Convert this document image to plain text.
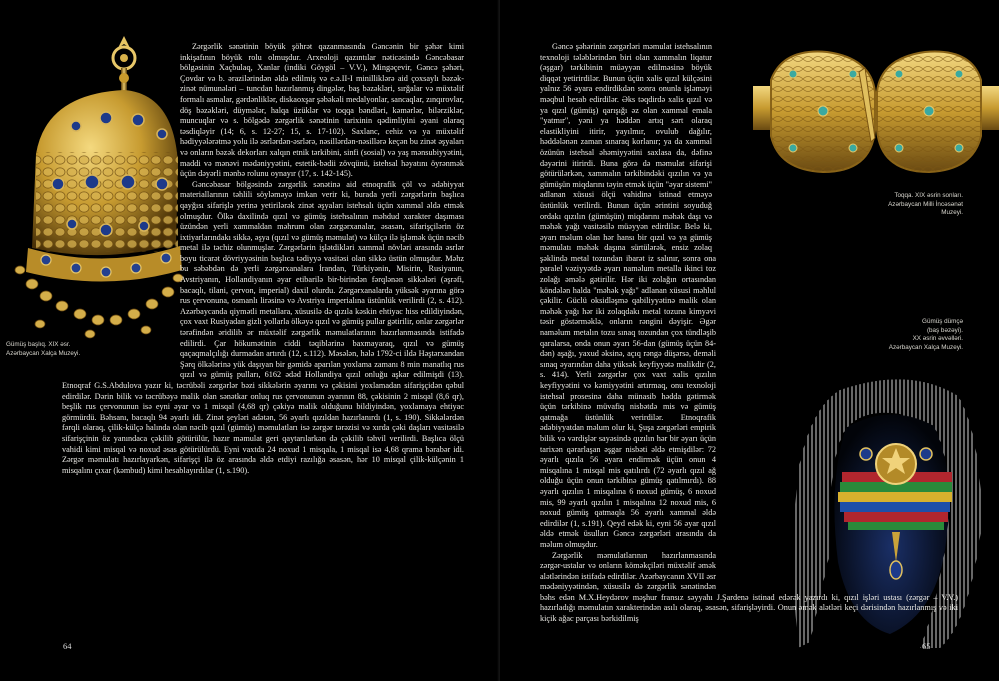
Gümüş başlıq. XIX əsr.
Azərbaycan Xalça Muzeyi.

Zərgərlik sənətinin böyük şöhrət qazanmasında Gəncənin bir şəhər kimi inkişafının böyük rolu olmuşdur. Arxeoloji qazıntılar nəticəsində Gəncəbasar bölgəsinin Xaçbulaq, Xanlar (indiki Göygöl – V.V.), Mingəçevir, Gəncə şəhəri, Çovdar və b. ərazilərindən əldə edilmiş və e.ə.II-I minilliklərə aid çoxsaylı bəzək-zinət nümunələri – tuncdan hazırlanmış dingələr, baş bəzəkləri, sırğalar və müxtəlif formalı asmalar, gərdənliklər, diskaoxşar şəbəkəli medalyonlar, sancaqlar, zınqırovlar, döş bəzəkləri, düymələr, halqa üzüklər və toqqa bəndləri, kəmərlər, bilərziklər, muncuqlar və s. bölgədə zərgərlik sənətinin tarixinin qədimliyini əyani olaraq təsdiqləyir (14; 6, s. 12-27; 15, s. 17-102). Saxlanc, cehiz və ya müxtəlif hədiyyələrətmə yolu ilə əsrlərdən-əsrlərə, nəsillərdən-nəsillərə keçən bu zinət əşyaları və onların bəzək dekorları xalqın etnik tərkibini, sinfi (sosial) və yaş mənsubiyyətini, maddi və mənəvi mədəniyyətini, estetik-bədii zövqünü, istehsal həyatını öyrənmək üçün dəyərli mənbə rolunu oynayır (17, s. 142-145).

Gəncəbasar bölgəsində zərgərlik sənətinə aid etnoqrafik çöl və ədəbiyyat materiallarının təhlili söyləməyə imkan verir ki, burada yerli zərgərlərin başlıca qayğısı sifarişlə yerinə yetirilərək zinət əşyaları istehsalı üçün xammal əldə etmək olmuşdur. Ölkə daxilində qızıl və gümüş istehsalının məhdud xarakter daşıması üzündən yerli xammaldan məhrum olan zərgərxanalar, əsasən, sifarişçilərin öz ixtiyarlarındakı sikkə, əşya (qızıl və gümüş məmulat) və külçə ilə işləmək üçün nəcib metal ilə təchiz olunmuşlar. Zərgərlərin işlətdikləri xammal növləri arasında əsrlər boyu ticarət dövriyyəsinin başlıca tədiyyə vasitəsi olan sikkə üstün olmuşdur. Məhz bu səbəbdən də yerli zərgərxanalara İrandan, Türkiyənin, Misirin, Rusiyanın, Avstriyanın, Hollandiyanın əyar etibarilə bir-birindən fərqlənən sikkələri (əşrəfi, bacaqlı, tilani, çervon, imperial) daxil olurdu. Zərgərxanalarda yüksək əyarına görə rus çervonuna, osmanlı lirəsinə və Avstriya imperialına üstünlük verilirdi (2, s. 412). Azərbaycanda qiymətli metallara, xüsusilə də qızıla kəskin ehtiyac hiss edildiyindən, çox vaxt Rusiyadan gizli yollarla ölkəyə qızıl və gümüş pullar gətirilir, onlar zərgərlər tərəfindən əridilib ər müxtəlif zərgərlik məmulatlarının hazırlanmasında istifadə edilirdi. Çar hökumətinin ciddi təqiblərinə baxmayaraq, qızıl və gümüş qaçaqmalçılığı durmadan artırdı (12, s.112). Məsələn, hələ 1792-ci ildə Həştərxandan Şərq ölkələrinə yük daşıyan bir gəmidə aparılan yoxlama zamanı 8 min manatlıq rus qızıl və gümüş pulları, 6162 ədəd Hollandiya qızıl onluğu aşkar edilmişdi (13). Etnoqraf G.S.Abdulova yazır ki, təcrübəli zərgərlər bəzi sikkələrin əyarını və çəkisini yoxlamadan sifarişçidən qəbul edirdilər. Dərin bilik və təcrübəyə malik olan sənətkar onluq rus çervonunun əyarının 88, çəkisinin 2 misqal (8,6 qr), beşlik rus çervonunun isə eyni əyar və 1 misqal (4,68 qr) çəkiyə malik olduğunu bildiyindən, yoxlamaya ehtiyac görmürdü. Bəhsanı, bacaqlı 94 əyarlı idi. Zinət şeyləri adətən, 56 əyarlı qızıldan hazırlanırdı (1, s. 190). Sikkələrdən fərqli olaraq, çilik-külçə halında olan nəcib qızıl (gümüş) məmulatları isə zərgər tərəzisi və xırda çəki daşları vasitəsilə sifarişçinin öz yanındaca çəkilib götürülür, hazır məmulat geri qaytarılarkən də çəkilib təhvil verilirdi. Başlıca ölçü vahidi kimi misqal və noxud əsas götürülürdü. Eyni vaxtda 24 noxud 1 misqala, 1 misqal isə 4,68 qrama bərabər idi. Zərgər məmulatı hazırlayarkən, sifarişçi ilə öz arasında əldə etdiyi razılığa əsasən, hər 10 misqal çilik-külçənin 1 misqalını çıxar (kəmbud) kimi hesablayırdılar (1, s.190).

64
Toqqa. XIX əsrin sonları.
Azərbaycan Milli İncəsənət
Muzeyi.
Gümüş dümçə
(baş bəzəyi).
XX əsrin əvvəlləri.
Azərbaycan Xalça Muzeyi.

Gəncə şəhərinin zərgərləri məmulat istehsalının texnoloji tələblərindən biri olan xammalın liqatur (əşgar) tərkibinin müəyyən edilməsinə böyük diqqət yetirirdilər. Bunun üçün xalis qızıl külçəsini yalnız 56 əyara endirdikdən sonra onunla işləməyi məqbul hesab edirdilər. Əks təqdirdə xalis qızıl və ya qızıl (gümüş) qarışığı əz olan xammal emala "yatmır", yəni ya həddən artıq sərt olaraq elastikliyini itirir, yayılmır, ovulub dağılır, həddələnən zaman sınaraq korlanır; ya da xammal özünün istehsal əhəmiyyətini saxlasa da, dəfinə dəyərini itirirdi. Buna görə də məmulat sifarişi götürülərkən, xammalın tərkibindəki qızılın və ya gümüşün miqdarını təyin etmək üçün "əyar sistemi" adlanan xüsusi ölçü vahidinə istinad etməyə üstünlük verilirdi. Bunun üçün ərintini soyuduğ ordakı qızılın (gümüşün) miqdarını məhək daşı və məhək yağı vasitəsilə müəyyən edirdilər. Belə ki, əyarı məlum olan hər hansı bir qızıl və ya gümüş məmulatı məhək daşına sürtülərək, ensiz zolaq şəklində metal tozundan ibarət iz salınır, sonra ona paralel vəziyyətdə əyarı naməlum metalla ikinci toz zolağı əmələ gətirilir. Hər iki zolağın ortasından köndələn halda "məhək yağı" adlanan xüsusi məhlul çəkilir. Güclü oksidləşmə qabiliyyətinə malik olan məhək yağı hər iki zolaqdakı metal tozuna kimyəvi təsir göstərməklə, onların rəngini dəyişir. Əgər naməlum metalın tozu sınaq tozundan çox tündləşib qaralarsa, onda onun əyarı 56-dan (gümüş üçün 84-dən) aşağı, yaxud əksinə, açıq rəngə düşərsə, deməli sınaq əyarından daha yüksək keyfiyyətə malikdir (2, s. 414). Yerli zərgərlər çox vaxt xalis qızılın keyfiyyətini və kəmiyyətini artırmaq, onu texnoloji istehsal prosesinə daha münasib hədda gətirmək üçün tərkibinə müvafiq nisbətdə mis və gümüş qatmağa üstünlük verirdilər. Etnoqrafik ədəbiyyatdan məlum olur ki, Şuşa zərgərləri empirik bilik və vərdişlər sayəsində qızılın hər bir əyarı üçün tarixən qərarlaşan əşgar nisbəti əldə etmişdilər: 72 əyarlı qızıla 56 əyara endirmək üçün onun 4 misqalına 1 misqal mis qatılırdı (72 əyarlı qızıl ağ olduğu üçün onun tərkibinə gümüş qatılmırdı). 88 əyarlı qızılın 1 misqalına 6 noxud gümüş, 6 noxud mis, 99 əyarlı qızılın 1 misqalına 12 noxud mis, 6 noxud gümüş qatmaqla 56 əyarlı xammal əldə edirdilər (1, s.191). Qeyd edək ki, eyni 56 əyar qızıl əldə etmək üsulları Gəncə zərgərləri arasında da məlum olmuşdur.

Zərgərlik məmulatlarının hazırlanmasında zərgər-ustalar və onların köməkçiləri müxtəlif əmək alətlərindən istifadə edirdilər. Azərbaycanın XVII əsr mədəniyyətindən, xüsusilə də zərgərlik sənətindən bəhs edən M.X.Heydərov məşhur fransız səyyahı J.Şardenə istinad edərək yazırdı ki, qızıl işləri ustası (zərgər – V.V.) hazırladığı məmulatın xarakterindən asılı olaraq, əsasən, sifarişləyirdi. Onun əmək alətləri keçi dərisindən hazırlanmış və iki kiçik ağac parçası bərkidilmiş

65
